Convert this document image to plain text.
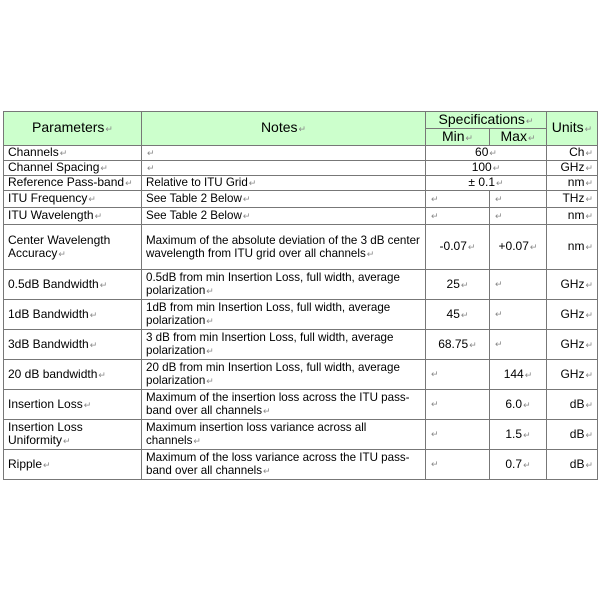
Parameters↵	Notes↵	Specifications↵		Units↵
		Min↵	Max↵	
Channels↵	↵	60↵		Ch↵
Channel Spacing↵	↵	100↵		GHz↵
Reference Pass-band↵	Relative to ITU Grid↵	± 0.1↵		nm↵
ITU Frequency↵	See Table 2 Below↵	↵	↵	THz↵
ITU Wavelength↵	See Table 2 Below↵	↵	↵	nm↵
Center Wavelength Accuracy↵	Maximum of the absolute deviation of the 3 dB center wavelength from ITU grid over all channels↵	-0.07↵	+0.07↵	nm↵
0.5dB Bandwidth↵	0.5dB from min Insertion Loss, full width, average polarization↵	25↵	↵	GHz↵
1dB Bandwidth↵	1dB from min Insertion Loss, full width, average polarization↵	45↵	↵	GHz↵
3dB Bandwidth↵	3 dB from min Insertion Loss, full width, average polarization↵	68.75↵	↵	GHz↵
20 dB bandwidth↵	20 dB from min Insertion Loss, full width, average polarization↵	↵	144↵	GHz↵
Insertion Loss↵	Maximum of the insertion loss across the ITU pass-band over all channels↵	↵	6.0↵	dB↵
Insertion Loss Uniformity↵	Maximum insertion loss variance across all channels↵	↵	1.5↵	dB↵
Ripple↵	Maximum of the loss variance across the ITU pass-band over all channels↵	↵	0.7↵	dB↵
